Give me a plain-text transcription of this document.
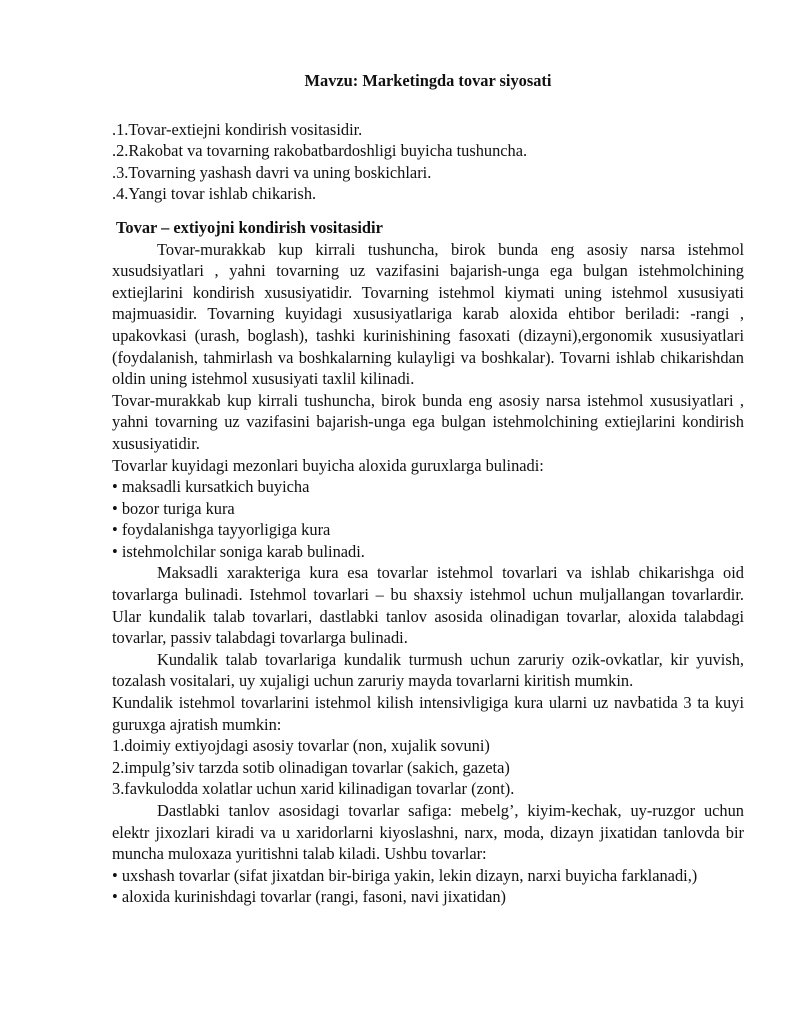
Mavzu: Marketingda tovar siyosati

.1.Tovar-extiejni kondirish vositasidir.

.2.Rakobat va tovarning rakobatbardoshligi buyicha tushuncha.

.3.Tovarning yashash davri va uning boskichlari.

.4.Yangi tovar ishlab chikarish.

Tovar – extiyojni kondirish vositasidir

Tovar-murakkab kup kirrali tushuncha, birok bunda eng asosiy narsa istehmol xusudsiyatlari , yahni tovarning uz vazifasini bajarish-unga ega bulgan istehmolchining extiejlarini kondirish xususiyatidir. Tovarning istehmol kiymati uning istehmol xususiyati majmuasidir. Tovarning kuyidagi xususiyatlariga karab aloxida ehtibor beriladi: -rangi , upakovkasi (urash, boglash), tashki kurinishining fasoxati (dizayni),ergonomik xususiyatlari (foydalanish, tahmirlash va boshkalarning kulayligi va boshkalar). Tovarni ishlab chikarishdan oldin uning istehmol xususiyati taxlil kilinadi.

Tovar-murakkab kup kirrali tushuncha, birok bunda eng asosiy narsa istehmol xususiyatlari , yahni tovarning uz vazifasini bajarish-unga ega bulgan istehmolchining extiejlarini kondirish xususiyatidir.

Tovarlar kuyidagi mezonlari buyicha aloxida guruxlarga bulinadi:

• maksadli kursatkich buyicha

• bozor turiga kura

• foydalanishga tayyorligiga kura

• istehmolchilar soniga karab bulinadi.

Maksadli xarakteriga kura esa tovarlar istehmol tovarlari va ishlab chikarishga oid tovarlarga bulinadi. Istehmol tovarlari – bu shaxsiy istehmol uchun muljallangan tovarlardir. Ular kundalik talab tovarlari, dastlabki tanlov asosida olinadigan tovarlar, aloxida talabdagi tovarlar, passiv talabdagi tovarlarga bulinadi.

Kundalik talab tovarlariga kundalik turmush uchun zaruriy ozik-ovkatlar, kir yuvish, tozalash vositalari, uy xujaligi uchun zaruriy mayda tovarlarni kiritish mumkin.

Kundalik istehmol tovarlarini istehmol kilish intensivligiga kura ularni uz navbatida 3 ta kuyi guruxga ajratish mumkin:

1.doimiy extiyojdagi asosiy tovarlar (non, xujalik sovuni)

2.impulg’siv tarzda sotib olinadigan tovarlar (sakich, gazeta)

3.favkulodda xolatlar uchun xarid kilinadigan tovarlar (zont).

Dastlabki tanlov asosidagi tovarlar safiga: mebelg’, kiyim-kechak, uy-ruzgor uchun elektr jixozlari kiradi va u xaridorlarni kiyoslashni, narx, moda, dizayn jixatidan tanlovda bir muncha muloxaza yuritishni talab kiladi. Ushbu tovarlar:

• uxshash tovarlar (sifat jixatdan bir-biriga yakin, lekin dizayn, narxi buyicha farklanadi,)

• aloxida kurinishdagi tovarlar (rangi, fasoni, navi jixatidan)
